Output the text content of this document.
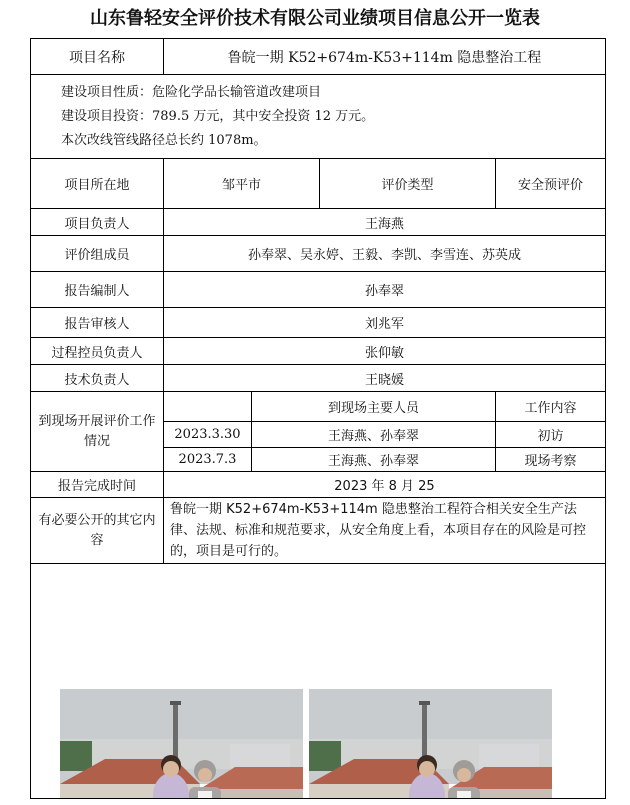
山东鲁轻安全评价技术有限公司业绩项目信息公开一览表
项目名称	鲁皖一期 K52+674m-K53+114m 隐患整治工程			

建设项目性质：危险化学品长输管道改建项目
建设项目投资：789.5 万元，其中安全投资 12 万元。
本次改线管线路径总长约 1078m。				

项目所在地	邹平市		评价类型	安全预评价
项目负责人	王海燕			
评价组成员	孙奉翠、吴永婷、王毅、李凯、李雪连、苏英成			
报告编制人	孙奉翠			
报告审核人	刘兆军			
过程控员负责人	张仰敏			
技术负责人	王晓媛			
到现场开展评价工作情况		到现场主要人员		工作内容
	2023.3.30	王海燕、孙奉翠		初访
	2023.7.3	王海燕、孙奉翠		现场考察
报告完成时间	2023 年 8 月 25			
有必要公开的其它内容	鲁皖一期 K52+674m-K53+114m 隐患整治工程符合相关安全生产法律、法规、标准和规范要求，从安全角度上看，本项目存在的风险是可控的，项目是可行的。			
